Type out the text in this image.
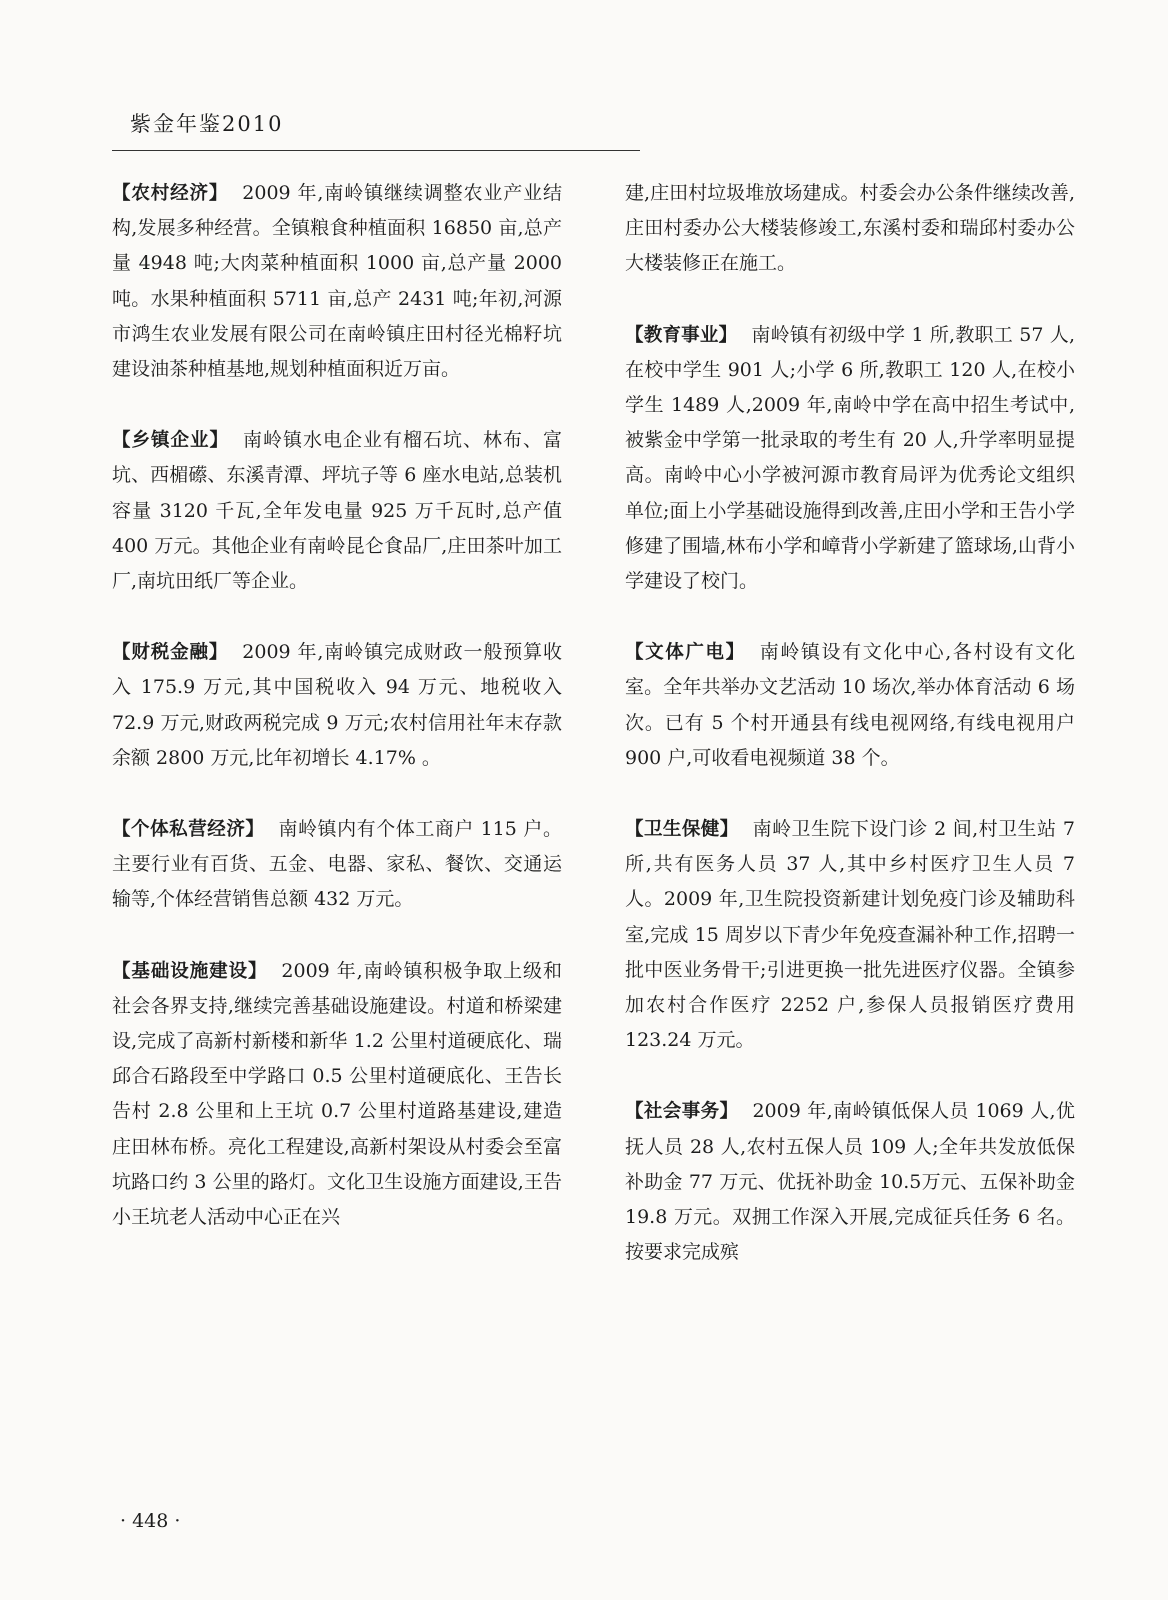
紫金年鉴2010

【农村经济】 2009 年,南岭镇继续调整农业产业结构,发展多种经营。全镇粮食种植面积 16850 亩,总产量 4948 吨;大肉菜种植面积 1000 亩,总产量 2000 吨。水果种植面积 5711 亩,总产 2431 吨;年初,河源市鸿生农业发展有限公司在南岭镇庄田村径光棉籽坑建设油茶种植基地,规划种植面积近万亩。

【乡镇企业】 南岭镇水电企业有榴石坑、林布、富坑、西楣礤、东溪青潭、坪坑子等 6 座水电站,总装机容量 3120 千瓦,全年发电量 925 万千瓦时,总产值 400 万元。其他企业有南岭昆仑食品厂,庄田茶叶加工厂,南坑田纸厂等企业。

【财税金融】 2009 年,南岭镇完成财政一般预算收入 175.9 万元,其中国税收入 94 万元、地税收入 72.9 万元,财政两税完成 9 万元;农村信用社年末存款余额 2800 万元,比年初增长 4.17% 。

【个体私营经济】 南岭镇内有个体工商户 115 户。主要行业有百货、五金、电器、家私、餐饮、交通运输等,个体经营销售总额 432 万元。

【基础设施建设】 2009 年,南岭镇积极争取上级和社会各界支持,继续完善基础设施建设。村道和桥梁建设,完成了高新村新楼和新华 1.2 公里村道硬底化、瑞邱合石路段至中学路口 0.5 公里村道硬底化、王告长告村 2.8 公里和上王坑 0.7 公里村道路基建设,建造庄田林布桥。亮化工程建设,高新村架设从村委会至富坑路口约 3 公里的路灯。文化卫生设施方面建设,王告小王坑老人活动中心正在兴

建,庄田村垃圾堆放场建成。村委会办公条件继续改善,庄田村委办公大楼装修竣工,东溪村委和瑞邱村委办公大楼装修正在施工。

【教育事业】 南岭镇有初级中学 1 所,教职工 57 人,在校中学生 901 人;小学 6 所,教职工 120 人,在校小学生 1489 人,2009 年,南岭中学在高中招生考试中,被紫金中学第一批录取的考生有 20 人,升学率明显提高。南岭中心小学被河源市教育局评为优秀论文组织单位;面上小学基础设施得到改善,庄田小学和王告小学修建了围墙,林布小学和嶂背小学新建了篮球场,山背小学建设了校门。

【文体广电】 南岭镇设有文化中心,各村设有文化室。全年共举办文艺活动 10 场次,举办体育活动 6 场次。已有 5 个村开通县有线电视网络,有线电视用户 900 户,可收看电视频道 38 个。

【卫生保健】 南岭卫生院下设门诊 2 间,村卫生站 7 所,共有医务人员 37 人,其中乡村医疗卫生人员 7 人。2009 年,卫生院投资新建计划免疫门诊及辅助科室,完成 15 周岁以下青少年免疫查漏补种工作,招聘一批中医业务骨干;引进更换一批先进医疗仪器。全镇参加农村合作医疗 2252 户,参保人员报销医疗费用 123.24 万元。

【社会事务】 2009 年,南岭镇低保人员 1069 人,优抚人员 28 人,农村五保人员 109 人;全年共发放低保补助金 77 万元、优抚补助金 10.5万元、五保补助金 19.8 万元。双拥工作深入开展,完成征兵任务 6 名。按要求完成殡

· 448 ·
